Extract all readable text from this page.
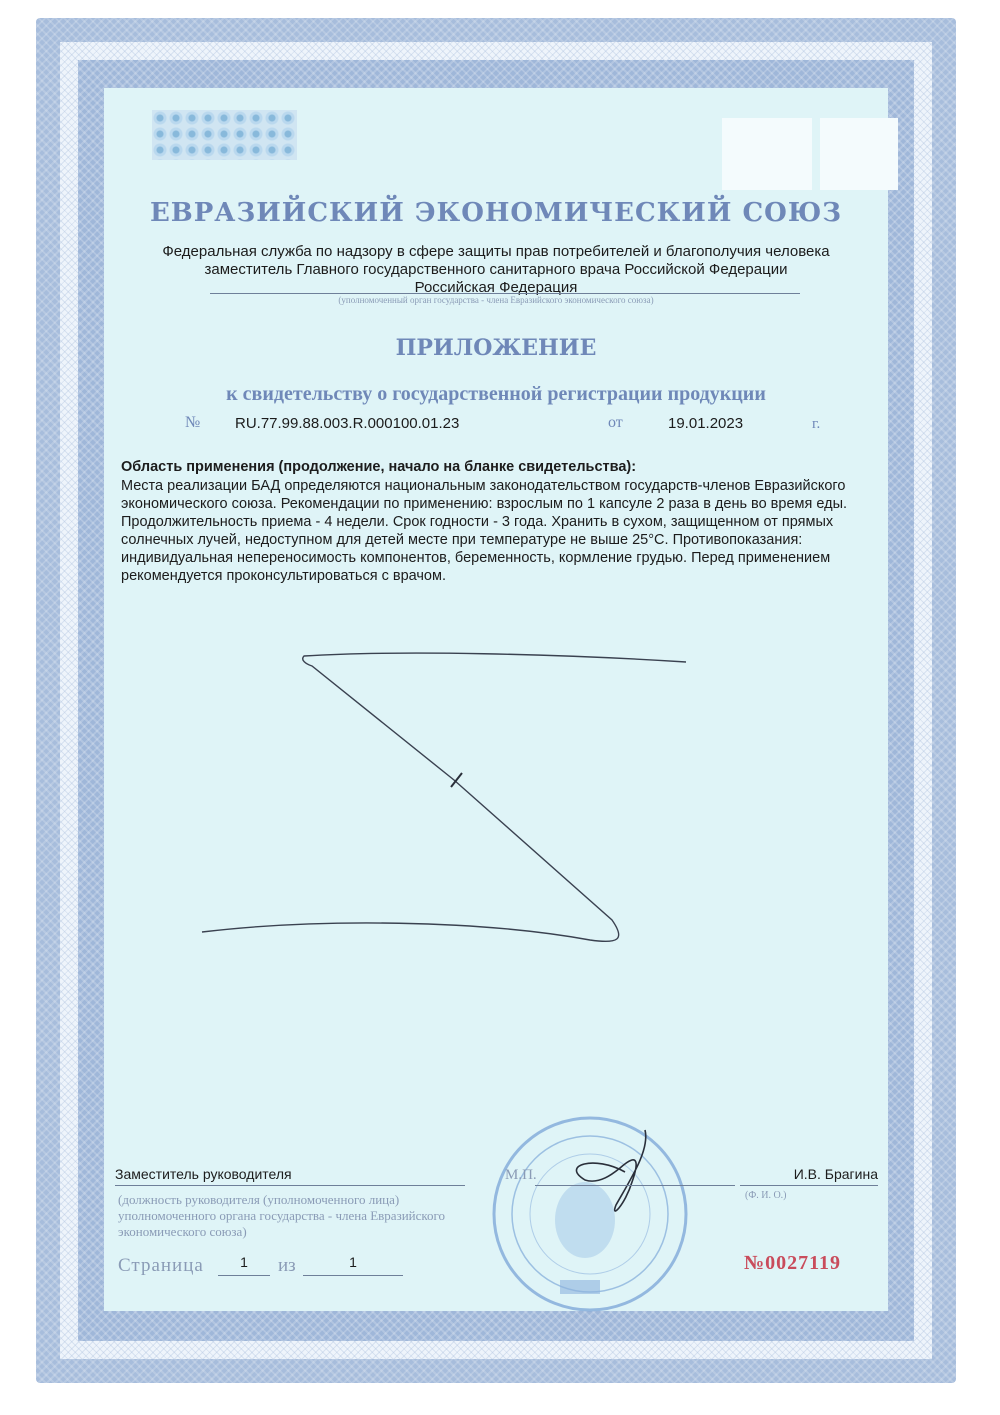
ЕВРАЗИЙСКИЙ ЭКОНОМИЧЕСКИЙ СОЮЗ
Федеральная служба по надзору в сфере защиты прав потребителей и благополучия человека
заместитель Главного государственного санитарного врача Российской Федерации
Российская Федерация
(уполномоченный орган государства - члена Евразийского экономического союза)
ПРИЛОЖЕНИЕ
к свидетельству о государственной регистрации продукции
№ RU.77.99.88.003.R.000100.01.23	от	19.01.2023	г.
Область применения (продолжение, начало на бланке свидетельства):
Места реализации БАД определяются национальным законодательством государств-членов Евразийского экономического союза. Рекомендации по применению: взрослым по 1 капсуле 2 раза в день во время еды. Продолжительность приема - 4 недели. Срок годности - 3 года. Хранить в сухом, защищенном от прямых солнечных лучей, недоступном для детей месте при температуре не выше 25°C. Противопоказания: индивидуальная непереносимость компонентов, беременность, кормление грудью. Перед применением рекомендуется проконсультироваться с врачом.
Заместитель руководителя
(должность руководителя (уполномоченного лица) уполномоченного органа государства - члена Евразийского экономического союза)
М.П.	И.В. Брагина
(Ф. И. О.)
Страница	1	из	1	№0027119
